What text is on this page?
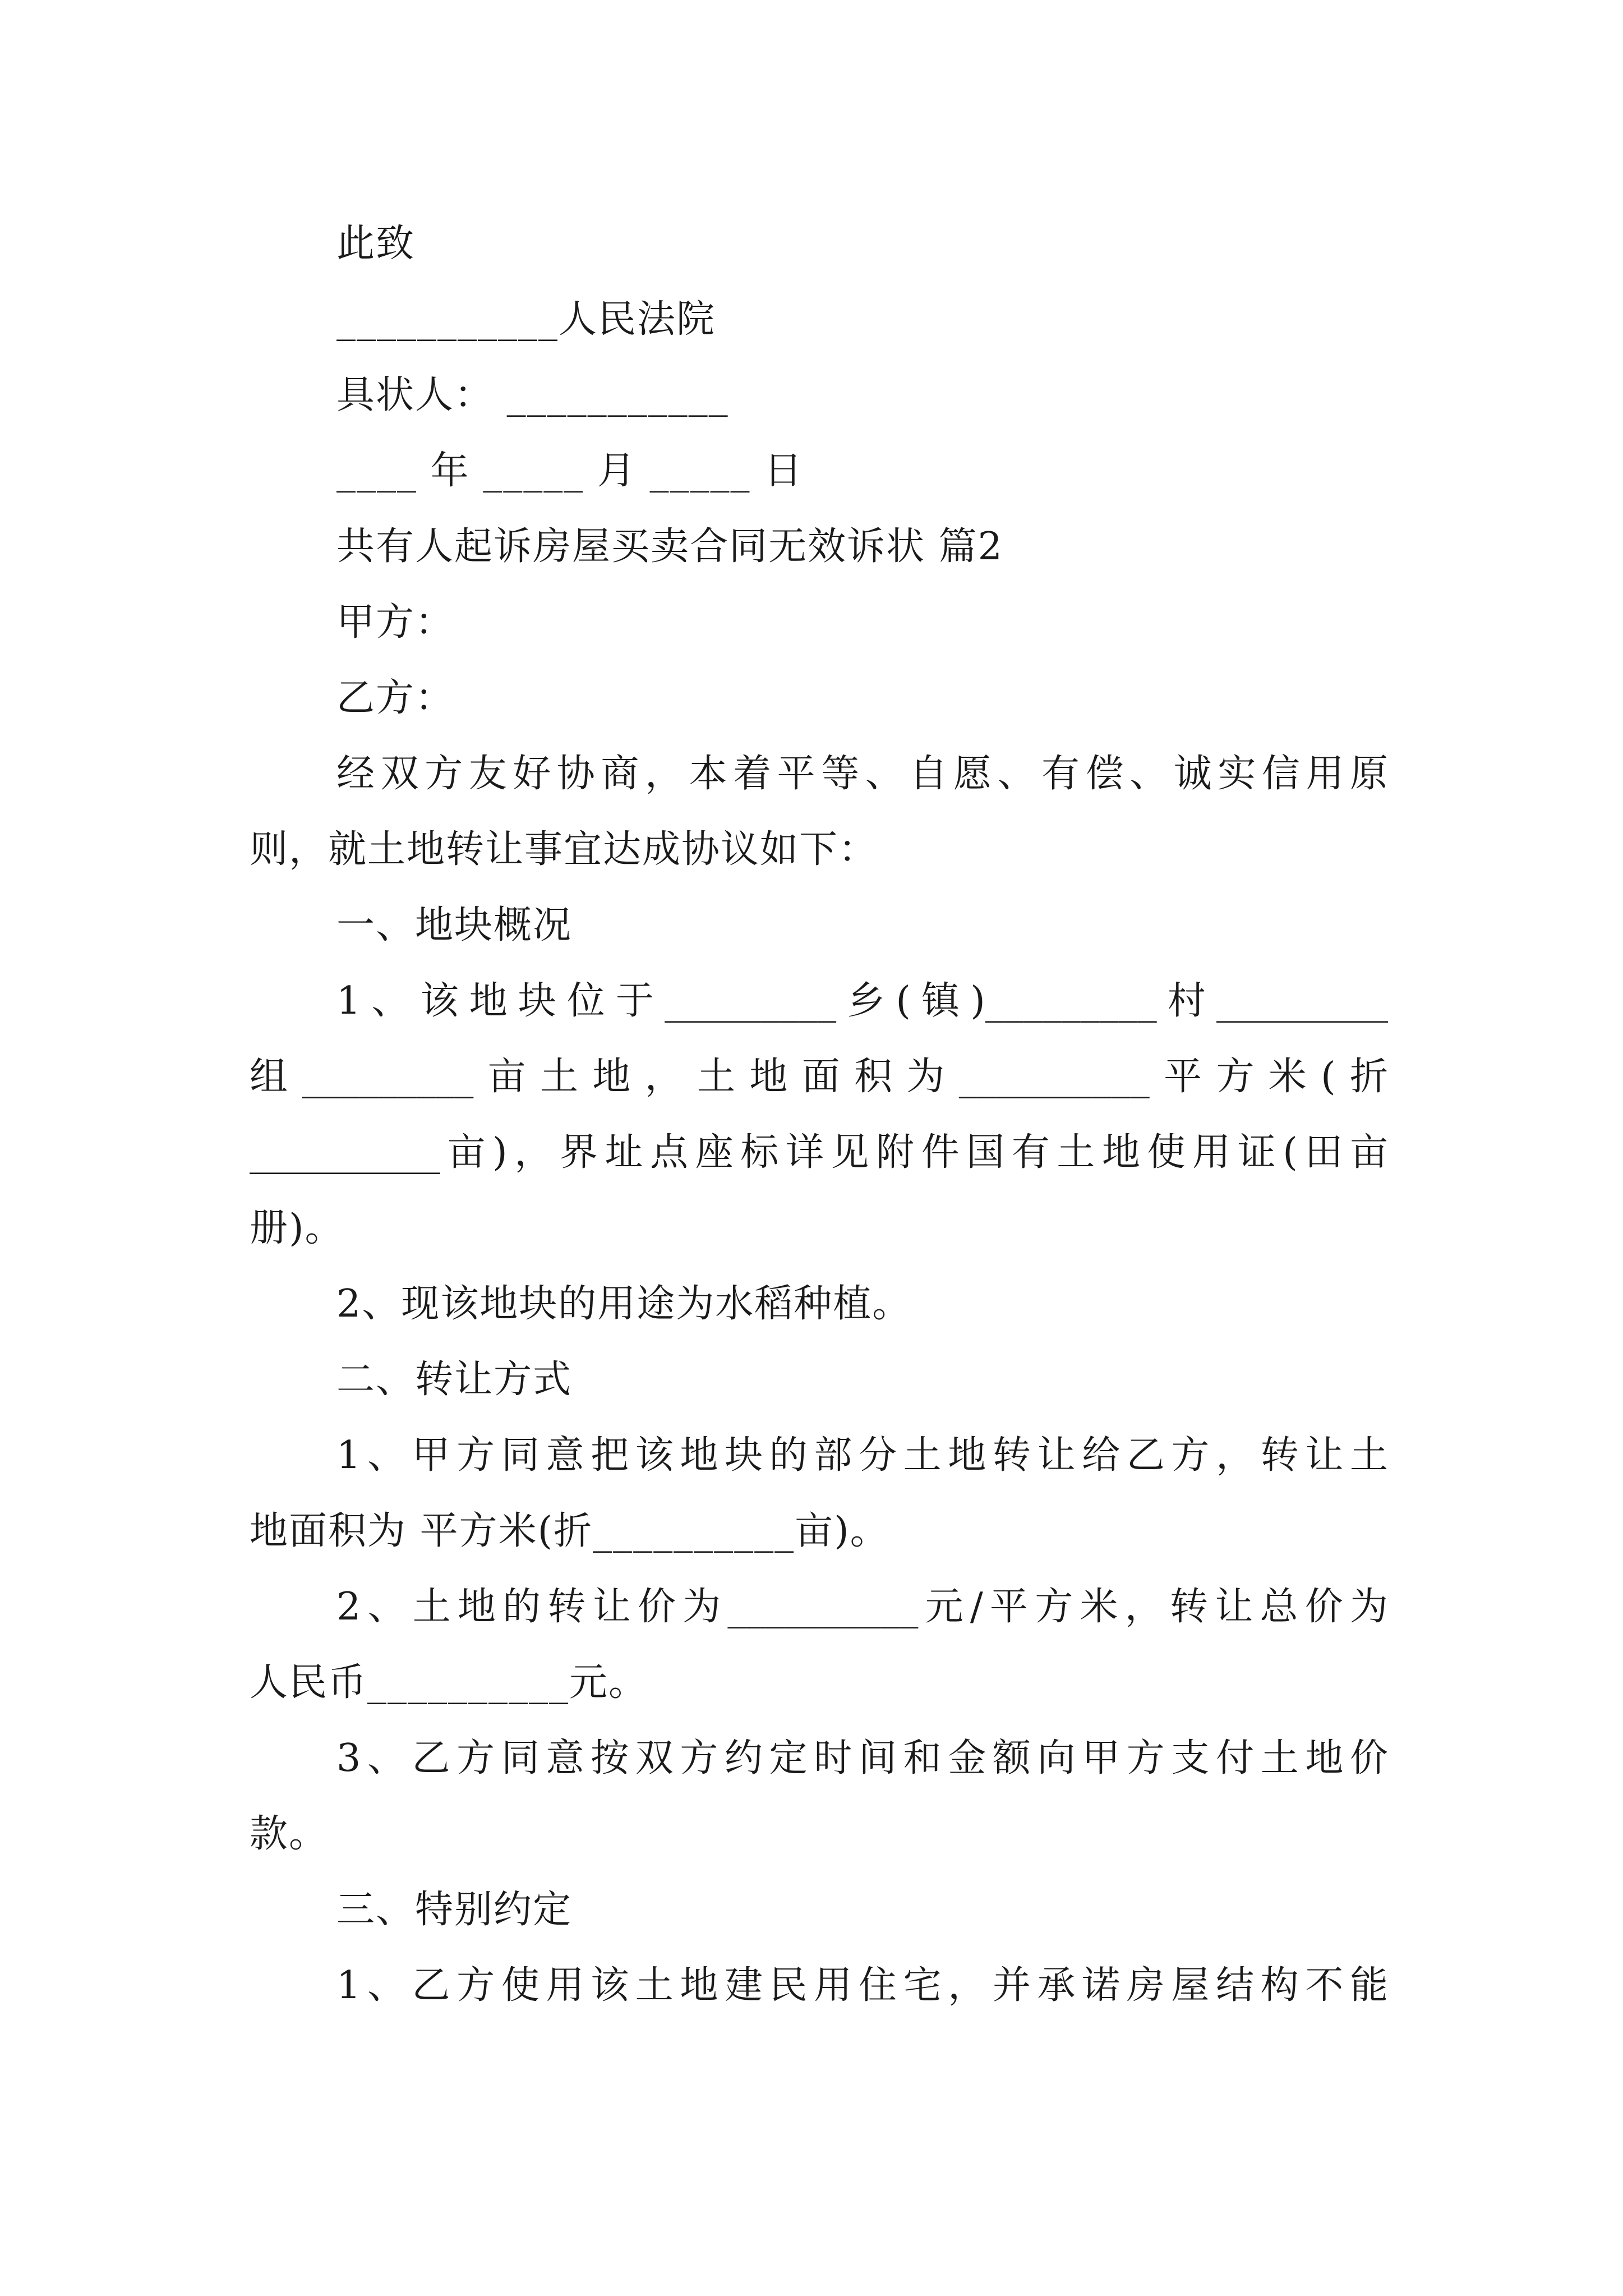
此致
___________人民法院
具状人： ___________
____ 年 _____ 月 _____ 日
共有人起诉房屋买卖合同无效诉状 篇2
甲方：
乙方：
经双方友好协商，本着平等、自愿、有偿、诚实信用原
则，就土地转让事宜达成协议如下：
一、地块概况
1、该地块位于_________乡(镇)_________村_________
组_________亩土地，土地面积为__________平方米(折
__________亩)，界址点座标详见附件国有土地使用证(田亩
册)。
2、现该地块的用途为水稻种植。
二、转让方式
1、甲方同意把该地块的部分土地转让给乙方，转让土
地面积为 平方米(折__________亩)。
2、土地的转让价为__________元/平方米，转让总价为
人民币__________元。
3、乙方同意按双方约定时间和金额向甲方支付土地价
款。
三、特别约定
1、乙方使用该土地建民用住宅，并承诺房屋结构不能
